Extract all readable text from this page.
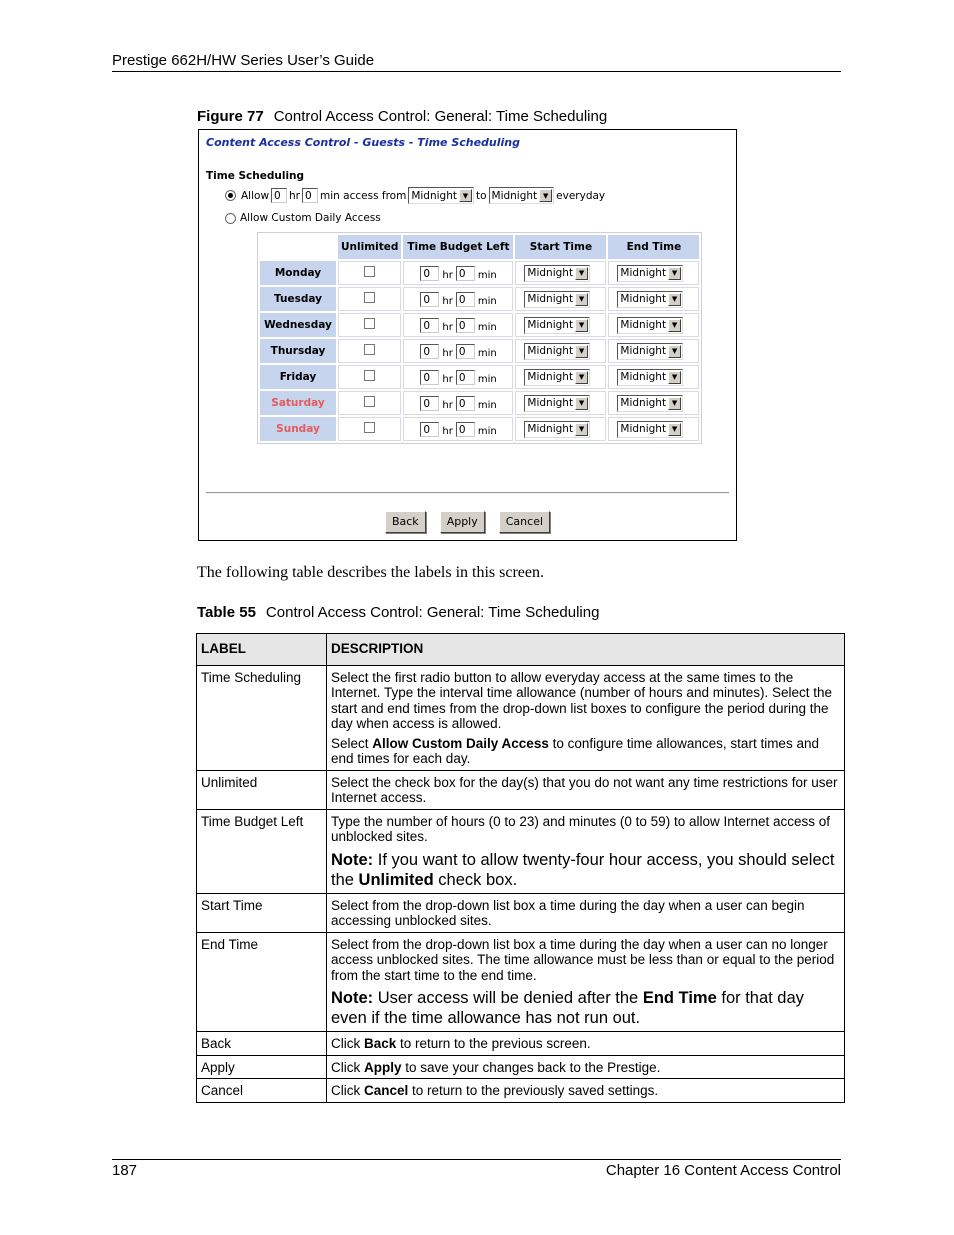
Prestige 662H/HW Series User’s Guide
Figure 77 Control Access Control: General: Time Scheduling
Content Access Control - Guests - Time Scheduling
Time Scheduling
Allow 0 hr 0 min access from Midnight ▼ to Midnight ▼ everyday
Allow Custom Daily Access
	Unlimited	Time Budget Left	Start Time	End Time
Monday		0 hr 0 min	Midnight ▼	Midnight ▼

Tuesday		0 hr 0 min	Midnight ▼	Midnight ▼

Wednesday		0 hr 0 min	Midnight ▼	Midnight ▼

Thursday		0 hr 0 min	Midnight ▼	Midnight ▼

Friday		0 hr 0 min	Midnight ▼	Midnight ▼

Saturday		0 hr 0 min	Midnight ▼	Midnight ▼

Sunday		0 hr 0 min	Midnight ▼	Midnight ▼
Back	Apply	Cancel
The following table describes the labels in this screen.
Table 55 Control Access Control: General: Time Scheduling
LABEL	DESCRIPTION
Time Scheduling	Select the first radio button to allow everyday access at the same times to the Internet. Type the interval time allowance (number of hours and minutes). Select the start and end times from the drop-down list boxes to configure the period during the day when access is allowed.

Select Allow Custom Daily Access to configure time allowances, start times and end times for each day.

Unlimited	Select the check box for the day(s) that you do not want any time restrictions for user Internet access.
Time Budget Left	Type the number of hours (0 to 23) and minutes (0 to 59) to allow Internet access of unblocked sites.

Note: If you want to allow twenty-four hour access, you should select the Unlimited check box.

Start Time	Select from the drop-down list box a time during the day when a user can begin accessing unblocked sites.
End Time	Select from the drop-down list box a time during the day when a user can no longer access unblocked sites. The time allowance must be less than or equal to the period from the start time to the end time.

Note: User access will be denied after the End Time for that day even if the time allowance has not run out.

Back	Click Back to return to the previous screen.
Apply	Click Apply to save your changes back to the Prestige.
Cancel	Click Cancel to return to the previously saved settings.
187	Chapter 16 Content Access Control
